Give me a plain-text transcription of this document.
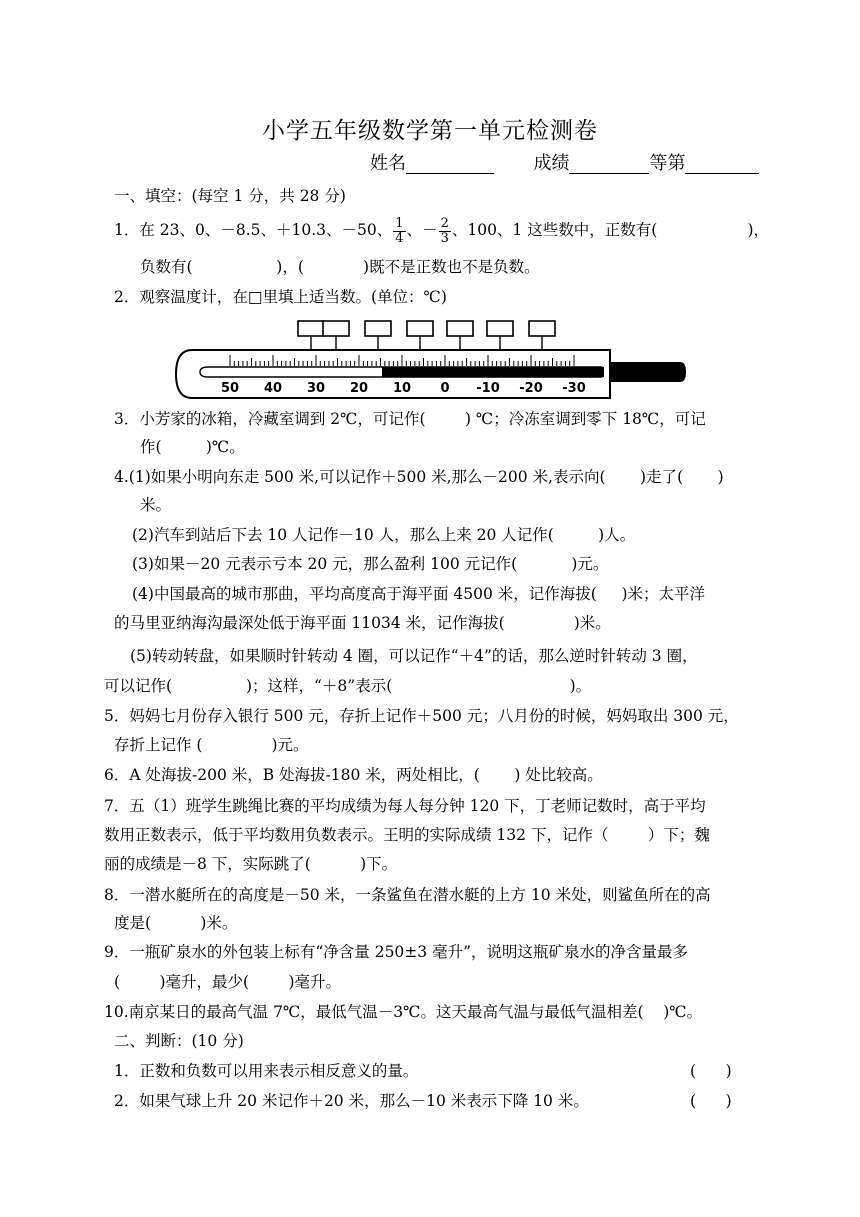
小学五年级数学第一单元检测卷
姓名	成绩	等第
一、填空：(每空 1 分，共 28 分)
1．在 23、0、－8.5、＋10.3、－50、 $\frac{1}{4}$ 、－ $\frac{2}{3}$ 、100、1 这些数中，正数有(	)，
负数有(                 )，(            )既不是正数也不是负数。
2．观察温度计，在□里填上适当数。(单位：℃)
50 40 30 20 10 0 -10 -20 -30
3．小芳家的冰箱，冷藏室调到 2℃，可记作(        ) ℃；冷冻室调到零下 18℃，可记
作(         )℃。
4.(1)如果小明向东走 500 米,可以记作＋500 米,那么－200 米,表示向(       )走了(       )
米。
(2)汽车到站后下去 10 人记作－10 人，那么上来 20 人记作(         )人。
(3)如果－20 元表示亏本 20 元，那么盈利 100 元记作(           )元。
(4)中国最高的城市那曲，平均高度高于海平面 4500 米，记作海拔(     )米；太平洋
的马里亚纳海沟最深处低于海平面 11034 米，记作海拔(              )米。
(5)转动转盘，如果顺时针转动 4 圈，可以记作“＋4”的话，那么逆时针转动 3 圈，
可以记作(               )；这样，“＋8”表示(                                    )。
5．妈妈七月份存入银行 500 元，存折上记作＋500 元；八月份的时候，妈妈取出 300 元，
存折上记作 (              )元。
6．A 处海拔-200 米，B 处海拔-180 米，两处相比，(       ) 处比较高。
7．五（1）班学生跳绳比赛的平均成绩为每人每分钟 120 下，丁老师记数时，高于平均
数用正数表示，低于平均数用负数表示。王明的实际成绩 132 下，记作（        ）下；魏
丽的成绩是－8 下，实际跳了(          )下。
8．一潜水艇所在的高度是－50 米，一条鲨鱼在潜水艇的上方 10 米处，则鲨鱼所在的高
度是(          )米。
9．一瓶矿泉水的外包装上标有“净含量 250±3 毫升”，说明这瓶矿泉水的净含量最多
(        )毫升，最少(        )毫升。
10.南京某日的最高气温 7℃，最低气温－3℃。这天最高气温与最低气温相差(    )℃。
二、判断：(10 分)
1．正数和负数可以用来表示相反意义的量。	(      )
2．如果气球上升 20 米记作＋20 米，那么－10 米表示下降 10 米。	(      )
